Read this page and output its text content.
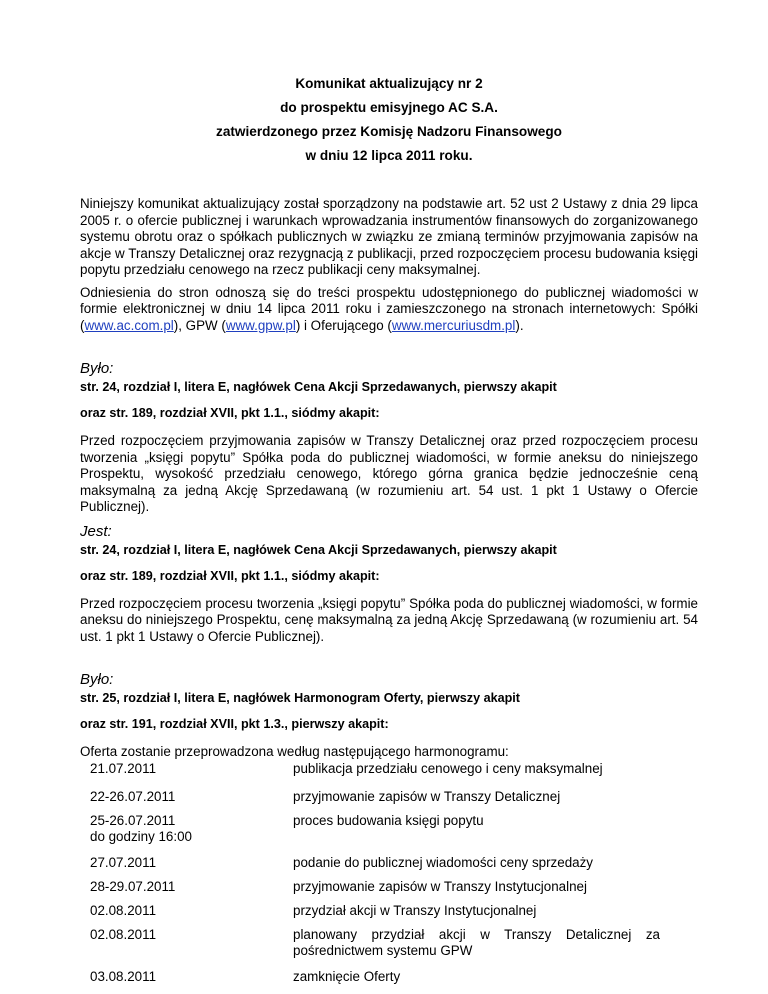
Komunikat aktualizujący nr 2
do prospektu emisyjnego AC S.A.
zatwierdzonego przez Komisję Nadzoru Finansowego
w dniu 12 lipca 2011 roku.

Niniejszy komunikat aktualizujący został sporządzony na podstawie art. 52 ust 2 Ustawy z dnia 29 lipca 2005 r. o ofercie publicznej i warunkach wprowadzania instrumentów finansowych do zorganizowanego systemu obrotu oraz o spółkach publicznych w związku ze zmianą terminów przyjmowania zapisów na akcje w Transzy Detalicznej oraz rezygnacją z publikacji, przed rozpoczęciem procesu budowania księgi popytu przedziału cenowego na rzecz publikacji ceny maksymalnej.

Odniesienia do stron odnoszą się do treści prospektu udostępnionego do publicznej wiadomości w formie elektronicznej w dniu 14 lipca 2011 roku i zamieszczonego na stronach internetowych: Spółki (www.ac.com.pl), GPW (www.gpw.pl) i Oferującego (www.mercuriusdm.pl).

Było:

str. 24, rozdział I, litera E, nagłówek Cena Akcji Sprzedawanych, pierwszy akapit

oraz str. 189, rozdział XVII, pkt 1.1., siódmy akapit:

Przed rozpoczęciem przyjmowania zapisów w Transzy Detalicznej oraz przed rozpoczęciem procesu tworzenia „księgi popytu” Spółka poda do publicznej wiadomości, w formie aneksu do niniejszego Prospektu, wysokość przedziału cenowego, którego górna granica będzie jednocześnie ceną maksymalną za jedną Akcję Sprzedawaną (w rozumieniu art. 54 ust. 1 pkt 1 Ustawy o Ofercie Publicznej).

Jest:

str. 24, rozdział I, litera E, nagłówek Cena Akcji Sprzedawanych, pierwszy akapit

oraz str. 189, rozdział XVII, pkt 1.1., siódmy akapit:

Przed rozpoczęciem procesu tworzenia „księgi popytu” Spółka poda do publicznej wiadomości, w formie aneksu do niniejszego Prospektu, cenę maksymalną za jedną Akcję Sprzedawaną (w rozumieniu art. 54 ust. 1 pkt 1 Ustawy o Ofercie Publicznej).

Było:

str. 25, rozdział I, litera E, nagłówek Harmonogram Oferty, pierwszy akapit

oraz str. 191, rozdział XVII, pkt 1.3., pierwszy akapit:

Oferta zostanie przeprowadzona według następującego harmonogramu:

21.07.2011	publikacja przedziału cenowego i ceny maksymalnej
22-26.07.2011	przyjmowanie zapisów w Transzy Detalicznej

25-26.07.2011
do godziny 16:00	proces budowania księgi popytu
27.07.2011	podanie do publicznej wiadomości ceny sprzedaży
28-29.07.2011	przyjmowanie zapisów w Transzy Instytucjonalnej
02.08.2011	przydział akcji w Transzy Instytucjonalnej
02.08.2011	planowany przydział akcji w Transzy Detalicznej za pośrednictwem systemu GPW
03.08.2011	zamknięcie Oferty
